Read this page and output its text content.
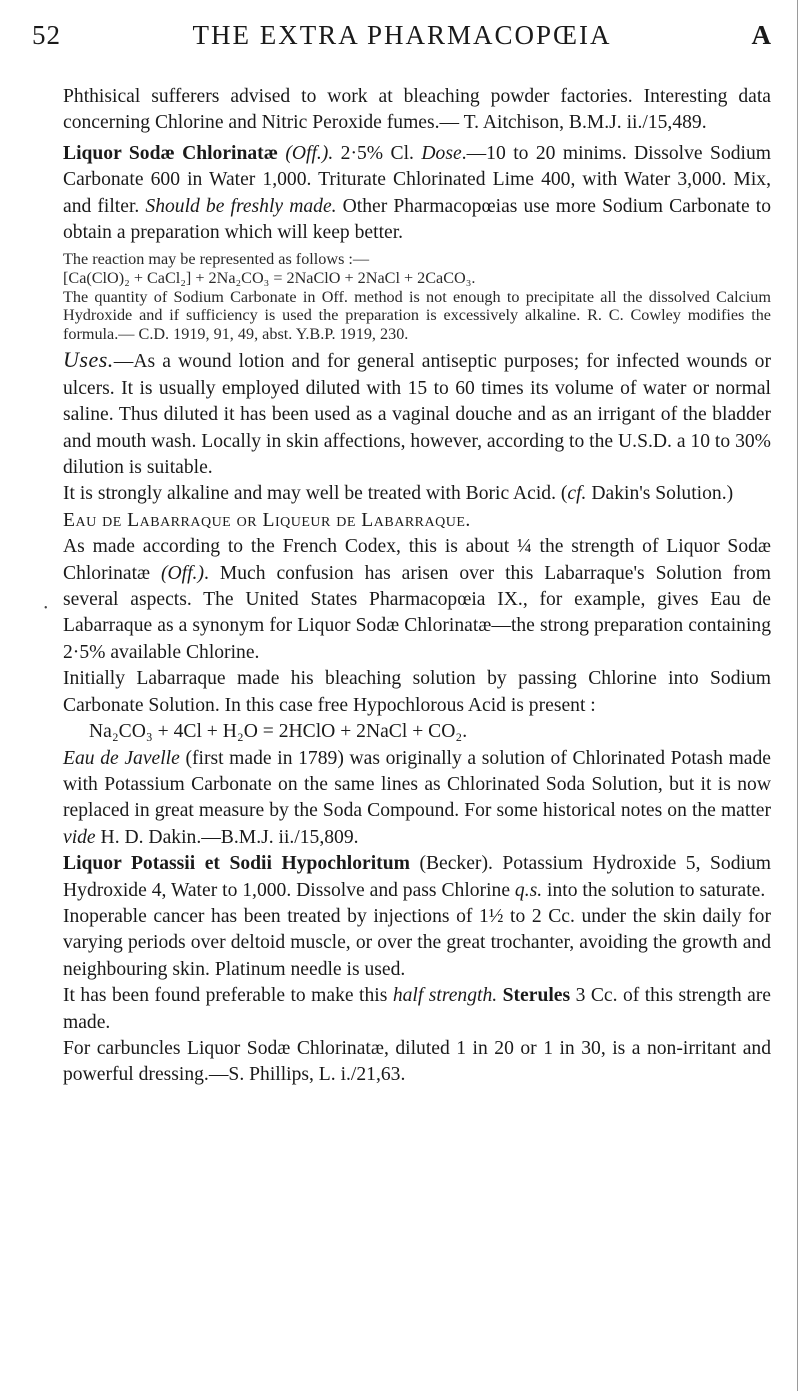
52	THE EXTRA PHARMACOPŒIA	A
•

Phthisical sufferers advised to work at bleaching powder factories. Interesting data concerning Chlorine and Nitric Peroxide fumes.— T. Aitchison, B.M.J. ii./15,489.

Liquor Sodæ Chlorinatæ (Off.). 2·5% Cl. Dose.—10 to 20 minims. Dissolve Sodium Carbonate 600 in Water 1,000. Triturate Chlorinated Lime 400, with Water 3,000. Mix, and filter. Should be freshly made. Other Pharmacopœias use more Sodium Carbonate to obtain a preparation which will keep better.

The reaction may be represented as follows :—

[Ca(ClO)₂ + CaCl₂] + 2Na₂CO₃ = 2NaClO + 2NaCl + 2CaCO₃.

The quantity of Sodium Carbonate in Off. method is not enough to precipitate all the dissolved Calcium Hydroxide and if sufficiency is used the preparation is excessively alkaline. R. C. Cowley modifies the formula.— C.D. 1919, 91, 49, abst. Y.B.P. 1919, 230.

Uses.—As a wound lotion and for general antiseptic purposes; for infected wounds or ulcers. It is usually employed diluted with 15 to 60 times its volume of water or normal saline. Thus diluted it has been used as a vaginal douche and as an irrigant of the bladder and mouth wash. Locally in skin affections, however, according to the U.S.D. a 10 to 30% dilution is suitable.

It is strongly alkaline and may well be treated with Boric Acid. (cf. Dakin's Solution.)

Eau de Labarraque or Liqueur de Labarraque.

As made according to the French Codex, this is about ¼ the strength of Liquor Sodæ Chlorinatæ (Off.). Much confusion has arisen over this Labarraque's Solution from several aspects. The United States Pharmacopœia IX., for example, gives Eau de Labarraque as a synonym for Liquor Sodæ Chlorinatæ—the strong preparation containing 2·5% available Chlorine.

Initially Labarraque made his bleaching solution by passing Chlorine into Sodium Carbonate Solution. In this case free Hypochlorous Acid is present :

Na₂CO₃ + 4Cl + H₂O = 2HClO + 2NaCl + CO₂.

Eau de Javelle (first made in 1789) was originally a solution of Chlorinated Potash made with Potassium Carbonate on the same lines as Chlorinated Soda Solution, but it is now replaced in great measure by the Soda Compound. For some historical notes on the matter vide H. D. Dakin.—B.M.J. ii./15,809.

Liquor Potassii et Sodii Hypochloritum (Becker). Potassium Hydroxide 5, Sodium Hydroxide 4, Water to 1,000. Dissolve and pass Chlorine q.s. into the solution to saturate.

Inoperable cancer has been treated by injections of 1½ to 2 Cc. under the skin daily for varying periods over deltoid muscle, or over the great trochanter, avoiding the growth and neighbouring skin. Platinum needle is used.

It has been found preferable to make this half strength. Sterules 3 Cc. of this strength are made.

For carbuncles Liquor Sodæ Chlorinatæ, diluted 1 in 20 or 1 in 30, is a non-irritant and powerful dressing.—S. Phillips, L. i./21,63.
